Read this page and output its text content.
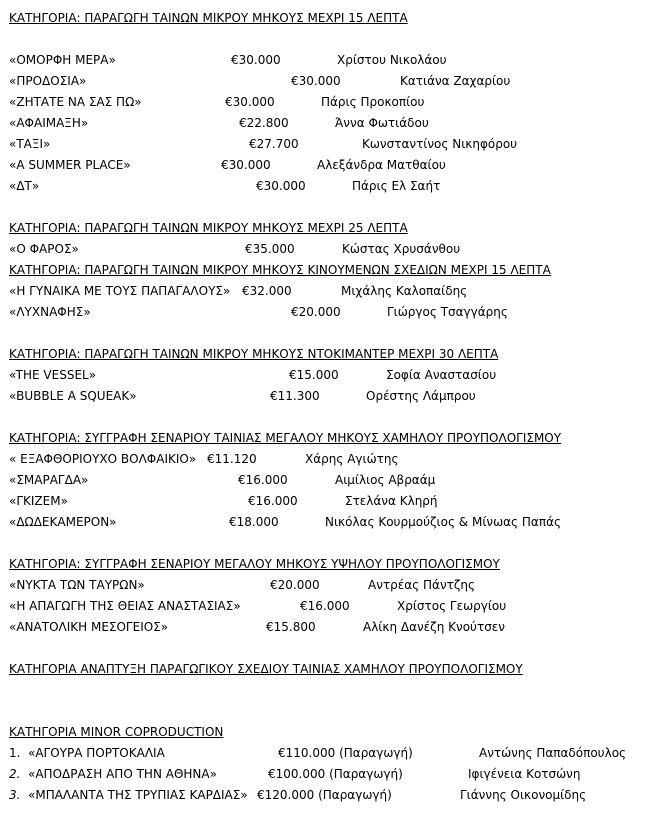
ΚΑΤΗΓΟΡΙΑ: ΠΑΡΑΓΩΓΗ ΤΑΙΝΩΝ ΜΙΚΡΟΥ ΜΗΚΟΥΣ ΜΕΧΡΙ 15 ΛΕΠΤΑ
«ΟΜΟΡΦΗ ΜΕΡΑ»	€30.000	Χρίστου Νικολάου
«ΠΡΟΔΟΣΙΑ»	€30.000	Κατιάνα Ζαχαρίου
«ΖΗΤΑΤΕ ΝΑ ΣΑΣ ΠΩ»	€30.000	Πάρις Προκοπίου
«ΑΦΑΙΜΑΞΗ»	€22.800	Άννα Φωτιάδου
«ΤΑΞΙ»	€27.700	Κωνσταντίνος Νικηφόρου
«A SUMMER PLACE»	€30.000	Αλεξάνδρα Ματθαίου
«ΔΤ»	€30.000	Πάρις Ελ Σαήτ
ΚΑΤΗΓΟΡΙΑ: ΠΑΡΑΓΩΓΗ ΤΑΙΝΩΝ ΜΙΚΡΟΥ ΜΗΚΟΥΣ ΜΕΧΡΙ 25 ΛΕΠΤΑ
«Ο ΦΑΡΟΣ»	€35.000	Κώστας Χρυσάνθου
ΚΑΤΗΓΟΡΙΑ: ΠΑΡΑΓΩΓΗ ΤΑΙΝΩΝ ΜΙΚΡΟΥ ΜΗΚΟΥΣ ΚΙΝΟΥΜΕΝΩΝ ΣΧΕΔΙΩΝ ΜΕΧΡΙ 15 ΛΕΠΤΑ
«Η ΓΥΝΑΙΚΑ ΜΕ ΤΟΥΣ ΠΑΠΑΓΑΛΟΥΣ» €32.000	Μιχάλης Καλοπαίδης
«ΛΥΧΝΑΦΗΣ»	€20.000	Γιώργος Τσαγγάρης
ΚΑΤΗΓΟΡΙΑ: ΠΑΡΑΓΩΓΗ ΤΑΙΝΩΝ ΜΙΚΡΟΥ ΜΗΚΟΥΣ ΝΤΟΚΙΜΑΝΤΕΡ ΜΕΧΡΙ 30 ΛΕΠΤΑ
«THE VESSEL»	€15.000	Σοφία Αναστασίου
«BUBBLE A SQUEAK»	€11.300	Ορέστης Λάμπρου
ΚΑΤΗΓΟΡΙΑ: ΣΥΓΓΡΑΦΗ ΣΕΝΑΡΙΟΥ ΤΑΙΝΙΑΣ ΜΕΓΑΛΟΥ ΜΗΚΟΥΣ ΧΑΜΗΛΟΥ ΠΡΟΥΠΟΛΟΓΙΣΜΟΥ
« ΕΞΑΦΘΟΡΙΟΥΧΟ ΒΟΛΦΑΙΚΙΟ» €11.120	Χάρης Αγιώτης
«ΣΜΑΡΑΓΔΑ»	€16.000	Αιμίλιος Αβραάμ
«ΓΚΙΖΕΜ»	€16.000	Στελάνα Κληρή
«ΔΩΔΕΚΑΜΕΡΟΝ»	€18.000	Νικόλας Κουρμούζιος & Μίνωας Παπάς
ΚΑΤΗΓΟΡΙΑ: ΣΥΓΓΡΑΦΗ ΣΕΝΑΡΙΟΥ ΜΕΓΑΛΟΥ ΜΗΚΟΥΣ ΥΨΗΛΟΥ ΠΡΟΥΠΟΛΟΓΙΣΜΟΥ
«ΝΥΚΤΑ ΤΩΝ ΤΑΥΡΩΝ»	€20.000	Αντρέας Πάντζης
«Η ΑΠΑΓΩΓΗ ΤΗΣ ΘΕΙΑΣ ΑΝΑΣΤΑΣΙΑΣ»	€16.000	Χρίστος Γεωργίου
«ΑΝΑΤΟΛΙΚΗ ΜΕΣΟΓΕΙΟΣ»	€15.800	Αλίκη Δανέζη Κνούτσεν
ΚΑΤΗΓΟΡΙΑ ΑΝΑΠΤΥΞΗ ΠΑΡΑΓΩΓΙΚΟΥ ΣΧΕΔΙΟΥ ΤΑΙΝΙΑΣ ΧΑΜΗΛΟΥ ΠΡΟΥΠΟΛΟΓΙΣΜΟΥ
ΚΑΤΗΓΟΡΙΑ MINOR COPRODUCTION
1. «ΑΓΟΥΡΑ ΠΟΡΤΟΚΑΛΙΑ	€110.000 (Παραγωγή)	Αντώνης Παπαδόπουλος
2. «ΑΠΟΔΡΑΣΗ ΑΠΟ ΤΗΝ ΑΘΗΝΑ»	€100.000 (Παραγωγή)	Ιφιγένεια Κοτσώνη
3. «ΜΠΑΛΑΝΤΑ ΤΗΣ ΤΡΥΠΙΑΣ ΚΑΡΔΙΑΣ» €120.000 (Παραγωγή)	Γιάννης Οικονομίδης
